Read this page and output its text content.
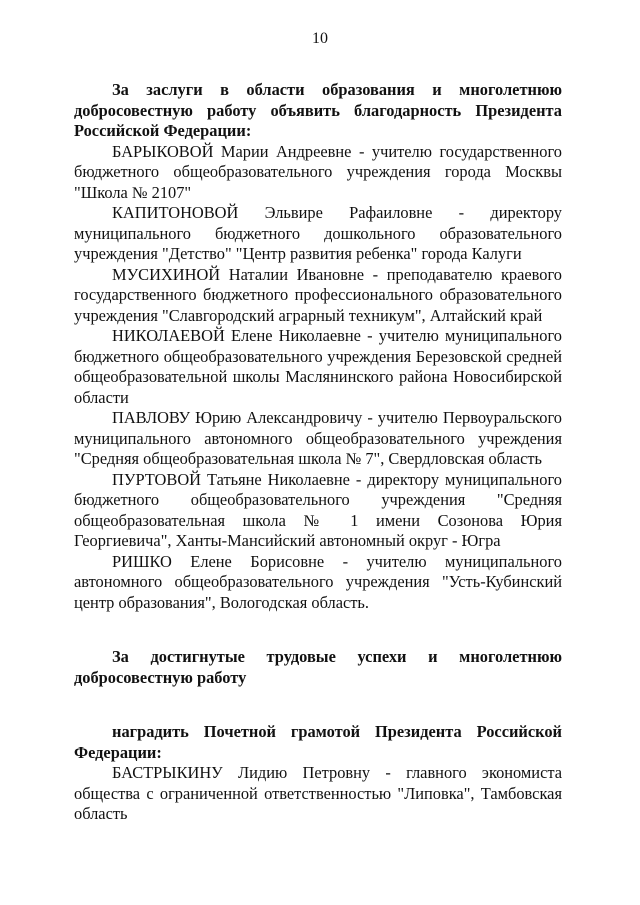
10

За заслуги в области образования и многолетнюю добросовестную работу объявить благодарность Президента Российской Федерации:

БАРЫКОВОЙ Марии Андреевне - учителю государственного бюджетного общеобразовательного учреждения города Москвы "Школа № 2107"

КАПИТОНОВОЙ Эльвире Рафаиловне - директору муниципального бюджетного дошкольного образовательного учреждения "Детство" "Центр развития ребенка" города Калуги

МУСИХИНОЙ Наталии Ивановне - преподавателю краевого государственного бюджетного профессионального образовательного учреждения "Славгородский аграрный техникум", Алтайский край

НИКОЛАЕВОЙ Елене Николаевне - учителю муниципального бюджетного общеобразовательного учреждения Березовской средней общеобразовательной школы Маслянинского района Новосибирской области

ПАВЛОВУ Юрию Александровичу - учителю Первоуральского муниципального автономного общеобразовательного учреждения "Средняя общеобразовательная школа № 7", Свердловская область

ПУРТОВОЙ Татьяне Николаевне - директору муниципального бюджетного общеобразовательного учреждения "Средняя общеобразовательная школа № 1 имени Созонова Юрия Георгиевича", Ханты-Мансийский автономный округ - Югра

РИШКО Елене Борисовне - учителю муниципального автономного общеобразовательного учреждения "Усть-Кубинский центр образования", Вологодская область.

За достигнутые трудовые успехи и многолетнюю добросовестную работу

наградить Почетной грамотой Президента Российской Федерации:

БАСТРЫКИНУ Лидию Петровну - главного экономиста общества с ограниченной ответственностью "Липовка", Тамбовская область
